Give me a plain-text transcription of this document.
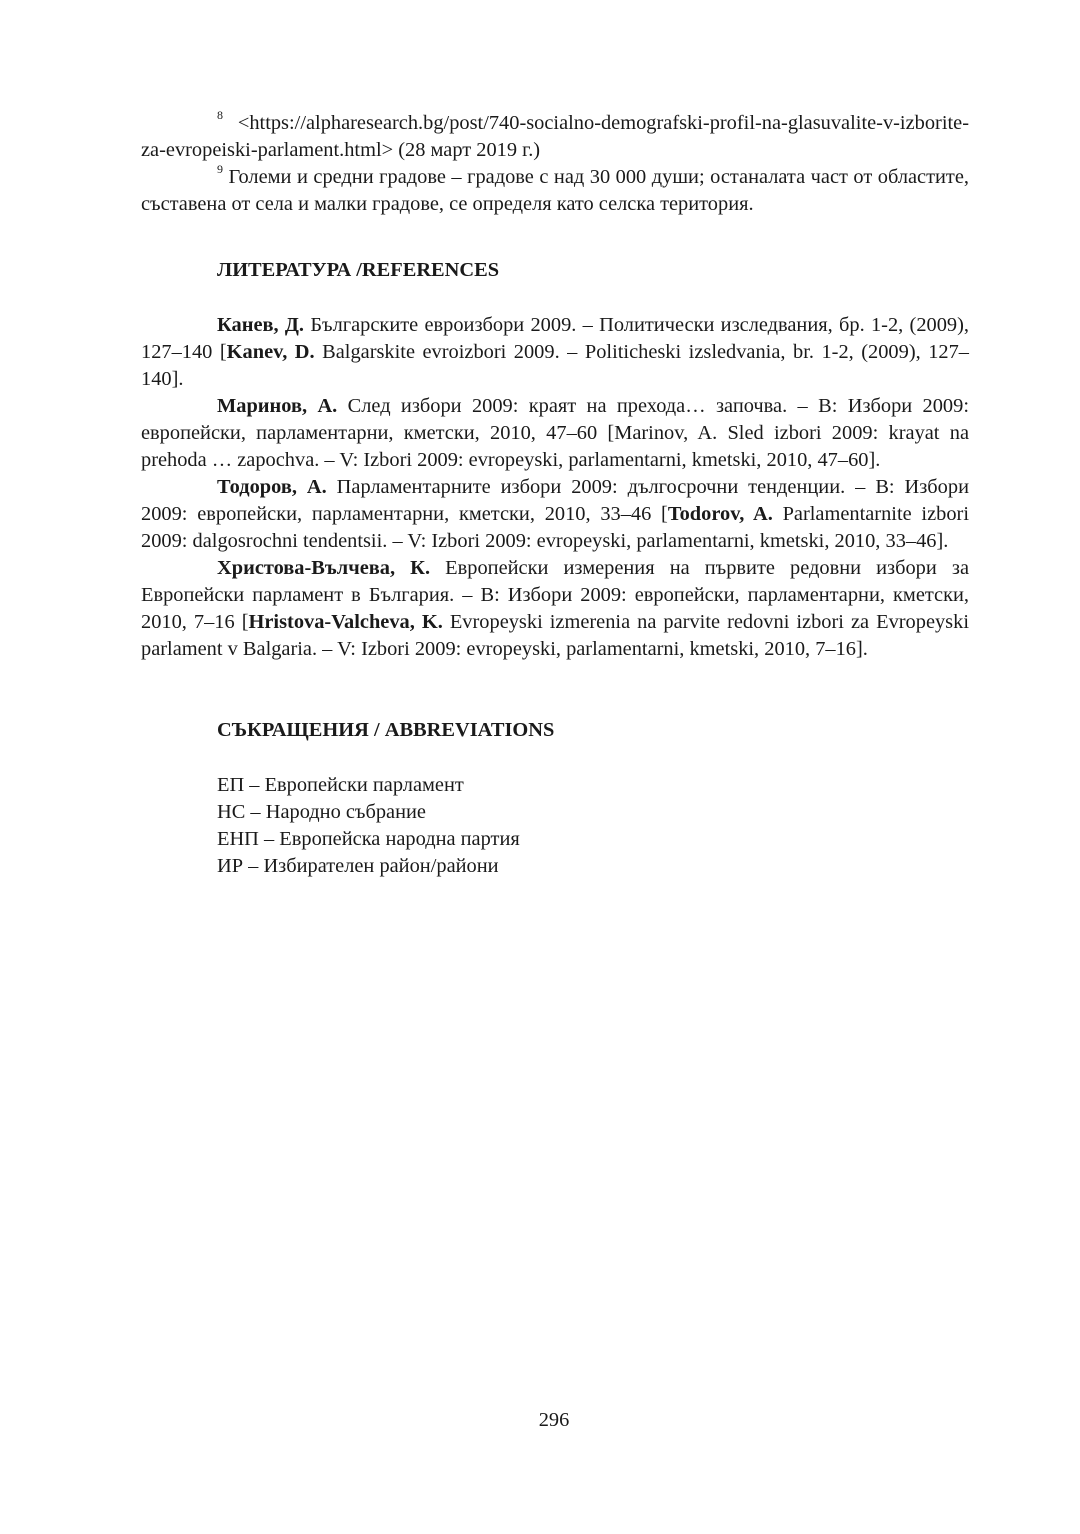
$^8$ <https://alpharesearch.bg/post/740-socialno-demografski-profil-na-glasuvalite-v-izborite-za-evropeiski-parlament.html> (28 март 2019 г.)

$^9$ Големи и средни градове – градове с над 30 000 души; останалата част от областите, съставена от села и малки градове, се определя като селска територия.

ЛИТЕРАТУРА /REFERENCES

Канев, Д. Българските евроизбори 2009. – Политически изследвания, бр. 1-2, (2009), 127–140 [Kanev, D. Balgarskite evroizbori 2009. – Politicheski izsledvania, br. 1-2, (2009), 127–140].

Маринов, А. След избори 2009: краят на прехода… започва. – В: Избори 2009: европейски, парламентарни, кметски, 2010, 47–60 [Marinov, A. Sled izbori 2009: krayat na prehoda … zapochva. – V: Izbori 2009: evropeyski, parlamentarni, kmetski, 2010, 47–60].

Тодоров, А. Парламентарните избори 2009: дългосрочни тенденции. – В: Избори 2009: европейски, парламентарни, кметски, 2010, 33–46 [Todorov, A. Parlamentarnite izbori 2009: dalgosrochni tendentsii. – V: Izbori 2009: evropeyski, parlamentarni, kmetski, 2010, 33–46].

Христова-Вълчева, К. Европейски измерения на първите редовни избори за Европейски парламент в България. – В: Избори 2009: европейски, парламентарни, кметски, 2010, 7–16 [Hristova-Valcheva, K. Evropeyski izmerenia na parvite redovni izbori za Evropeyski parlament v Balgaria. – V: Izbori 2009: evropeyski, parlamentarni, kmetski, 2010, 7–16].

СЪКРАЩЕНИЯ / ABBREVIATIONS
ЕП – Европейски парламент
НС – Народно събрание
ЕНП – Европейска народна партия
ИР – Избирателен район/райони
296
